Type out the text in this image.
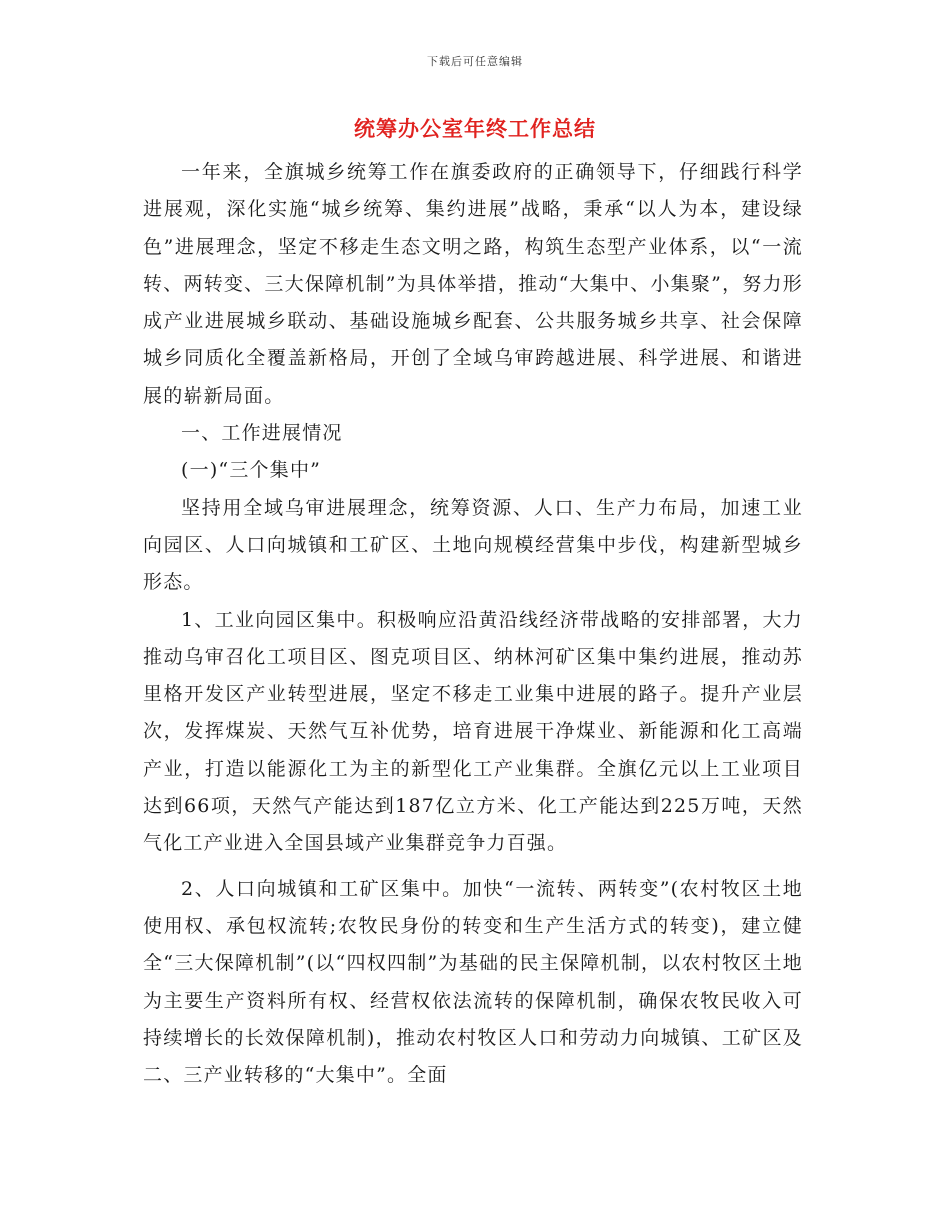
下载后可任意编辑
统筹办公室年终工作总结

一年来，全旗城乡统筹工作在旗委政府的正确领导下，仔细践行科学进展观，深化实施“城乡统筹、集约进展”战略，秉承“以人为本，建设绿色”进展理念，坚定不移走生态文明之路，构筑生态型产业体系，以“一流转、两转变、三大保障机制”为具体举措，推动“大集中、小集聚”，努力形成产业进展城乡联动、基础设施城乡配套、公共服务城乡共享、社会保障城乡同质化全覆盖新格局，开创了全域乌审跨越进展、科学进展、和谐进展的崭新局面。

一、工作进展情况

(一)“三个集中”

坚持用全域乌审进展理念，统筹资源、人口、生产力布局，加速工业向园区、人口向城镇和工矿区、土地向规模经营集中步伐，构建新型城乡形态。

1、工业向园区集中。积极响应沿黄沿线经济带战略的安排部署，大力推动乌审召化工项目区、图克项目区、纳林河矿区集中集约进展，推动苏里格开发区产业转型进展，坚定不移走工业集中进展的路子。提升产业层次，发挥煤炭、天然气互补优势，培育进展干净煤业、新能源和化工高端产业，打造以能源化工为主的新型化工产业集群。全旗亿元以上工业项目达到66项，天然气产能达到187亿立方米、化工产能达到225万吨，天然气化工产业进入全国县域产业集群竞争力百强。

2、人口向城镇和工矿区集中。加快“一流转、两转变”(农村牧区土地使用权、承包权流转;农牧民身份的转变和生产生活方式的转变)，建立健全“三大保障机制”(以“四权四制”为基础的民主保障机制，以农村牧区土地为主要生产资料所有权、经营权依法流转的保障机制，确保农牧民收入可持续增长的长效保障机制)，推动农村牧区人口和劳动力向城镇、工矿区及二、三产业转移的“大集中”。全面
